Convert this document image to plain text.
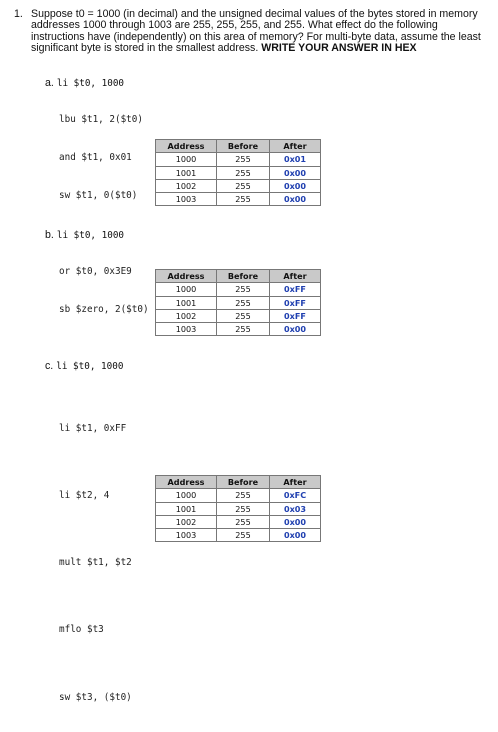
1. Suppose t0 = 1000 (in decimal) and the unsigned decimal values of the bytes stored in memory addresses 1000 through 1003 are 255, 255, 255, and 255. What effect do the following instructions have (independently) on this area of memory? For multi-byte data, assume the least significant byte is stored in the smallest address. WRITE YOUR ANSWER IN HEX
a. li $t0, 1000

lbu $t1, 2($t0)

and $t1, 0x01

sw $t1, 0($t0)

Address	Before	After
1000	255	0x01
1001	255	0x00
1002	255	0x00
1003	255	0x00
b. li $t0, 1000

or $t0, 0x3E9

sb $zero, 2($t0)

Address	Before	After
1000	255	0xFF
1001	255	0xFF
1002	255	0xFF
1003	255	0x00
c. li $t0, 1000

li $t1, 0xFF

li $t2, 4

mult $t1, $t2

mflo $t3

sw $t3, ($t0)

Address	Before	After
1000	255	0xFC
1001	255	0x03
1002	255	0x00
1003	255	0x00
